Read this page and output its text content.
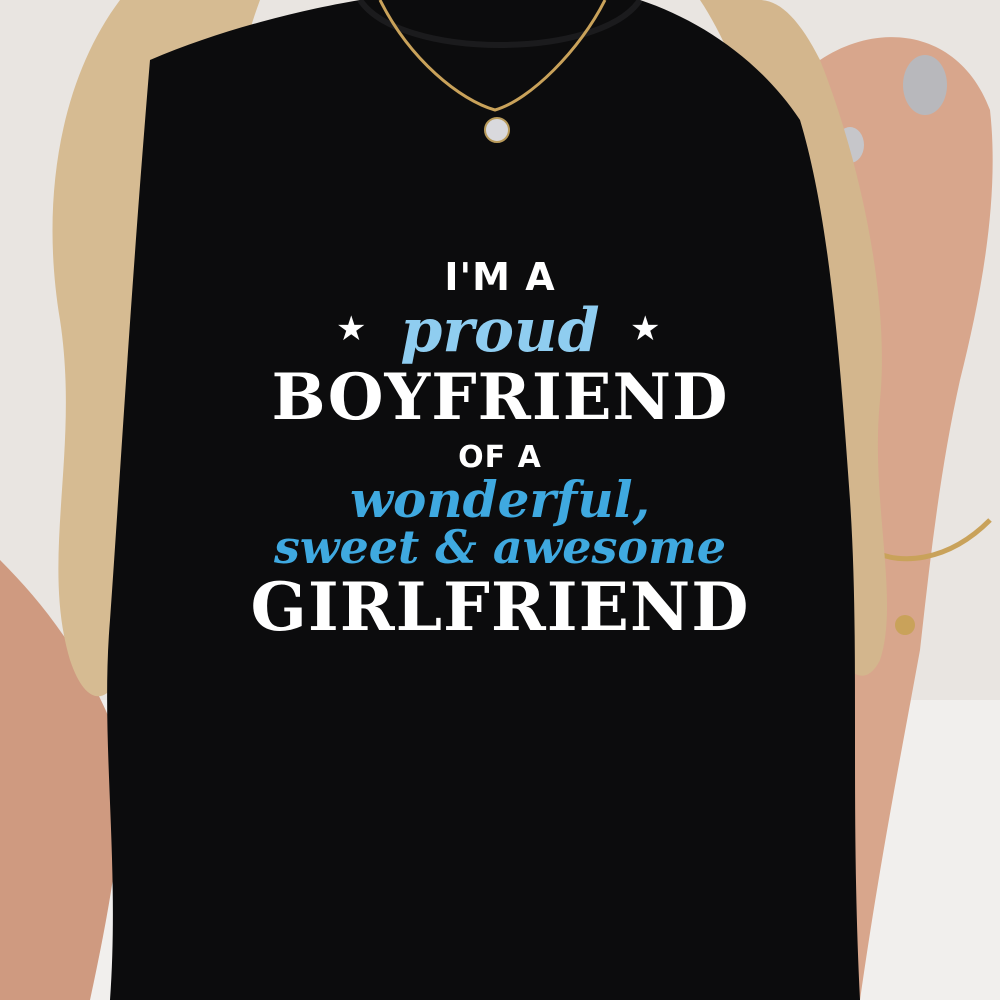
I'M A
★ proud ★
BOYFRIEND
OF A
wonderful,
sweet & awesome
GIRLFRIEND
